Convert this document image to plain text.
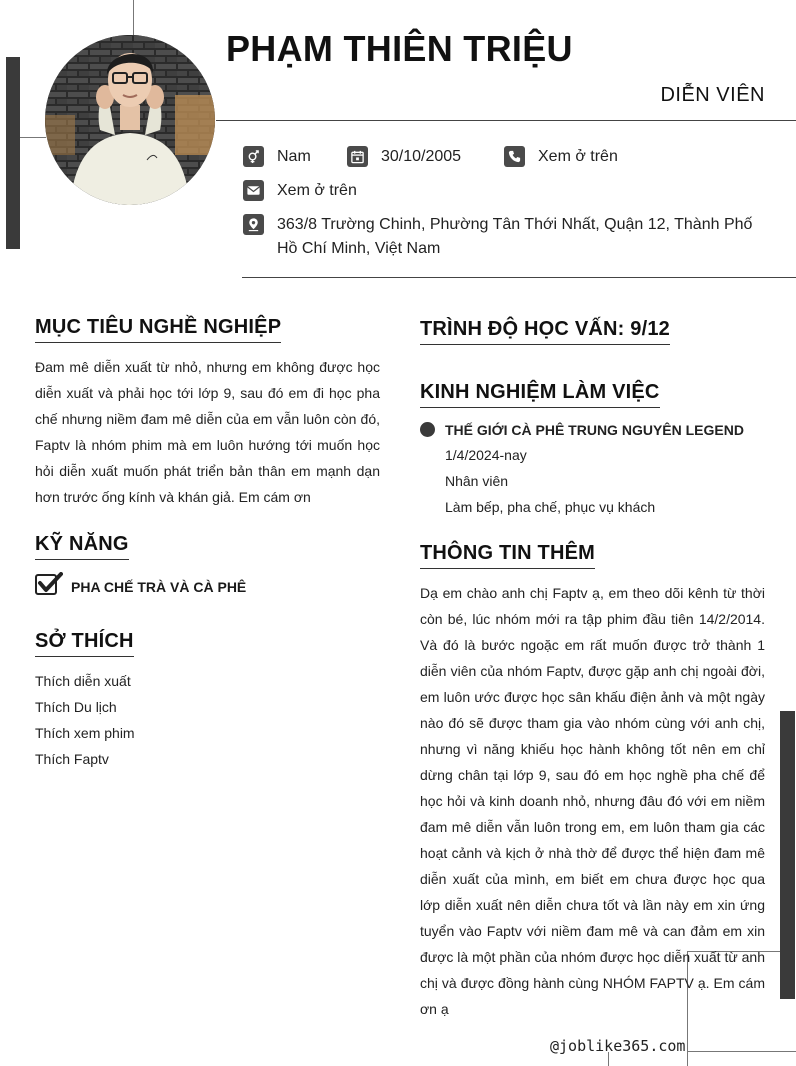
PHẠM THIÊN TRIỆU
DIỄN VIÊN
Nam	30/10/2005	Xem ở trên
Xem ở trên
363/8 Trường Chinh, Phường Tân Thới Nhất, Quận 12, Thành Phố Hồ Chí Minh, Việt Nam
MỤC TIÊU NGHỀ NGHIỆP
Đam mê diễn xuất từ nhỏ, nhưng em không được học diễn xuất và phải học tới lớp 9, sau đó em đi học pha chế nhưng niềm đam mê diễn của em vẫn luôn còn đó, Faptv là nhóm phim mà em luôn hướng tới muốn học hỏi diễn xuất muốn phát triển bản thân em mạnh dạn hơn trước ống kính và khán giả. Em cám ơn
KỸ NĂNG
PHA CHẾ TRÀ VÀ CÀ PHÊ
SỞ THÍCH
Thích diễn xuất
Thích Du lịch
Thích xem phim
Thích Faptv
TRÌNH ĐỘ HỌC VẤN: 9/12
KINH NGHIỆM LÀM VIỆC
THẾ GIỚI CÀ PHÊ TRUNG NGUYÊN LEGEND
1/4/2024-nay
Nhân viên
Làm bếp, pha chế, phục vụ khách
THÔNG TIN THÊM
Dạ em chào anh chị Faptv ạ, em theo dõi kênh từ thời còn bé, lúc nhóm mới ra tập phim đầu tiên 14/2/2014. Và đó là bước ngoặc em rất muốn được trở thành 1 diễn viên của nhóm Faptv, được gặp anh chị ngoài đời, em luôn ước được học sân khấu điện ảnh và một ngày nào đó sẽ được tham gia vào nhóm cùng với anh chị, nhưng vì năng khiếu học hành không tốt nên em chỉ dừng chân tại lớp 9, sau đó em học nghề pha chế để học hỏi và kinh doanh nhỏ, nhưng đâu đó với em niềm đam mê diễn vẫn luôn trong em, em luôn tham gia các hoạt cảnh và kịch ở nhà thờ để được thể hiện đam mê diễn xuất của mình, em biết em chưa được học qua lớp diễn xuất nên diễn chưa tốt và lần này em xin ứng tuyển vào Faptv với niềm đam mê và can đảm em xin được là một phần của nhóm được học diễn xuất từ anh chị và được đồng hành cùng NHÓM FAPTV ạ. Em cám ơn ạ
@joblike365.com
